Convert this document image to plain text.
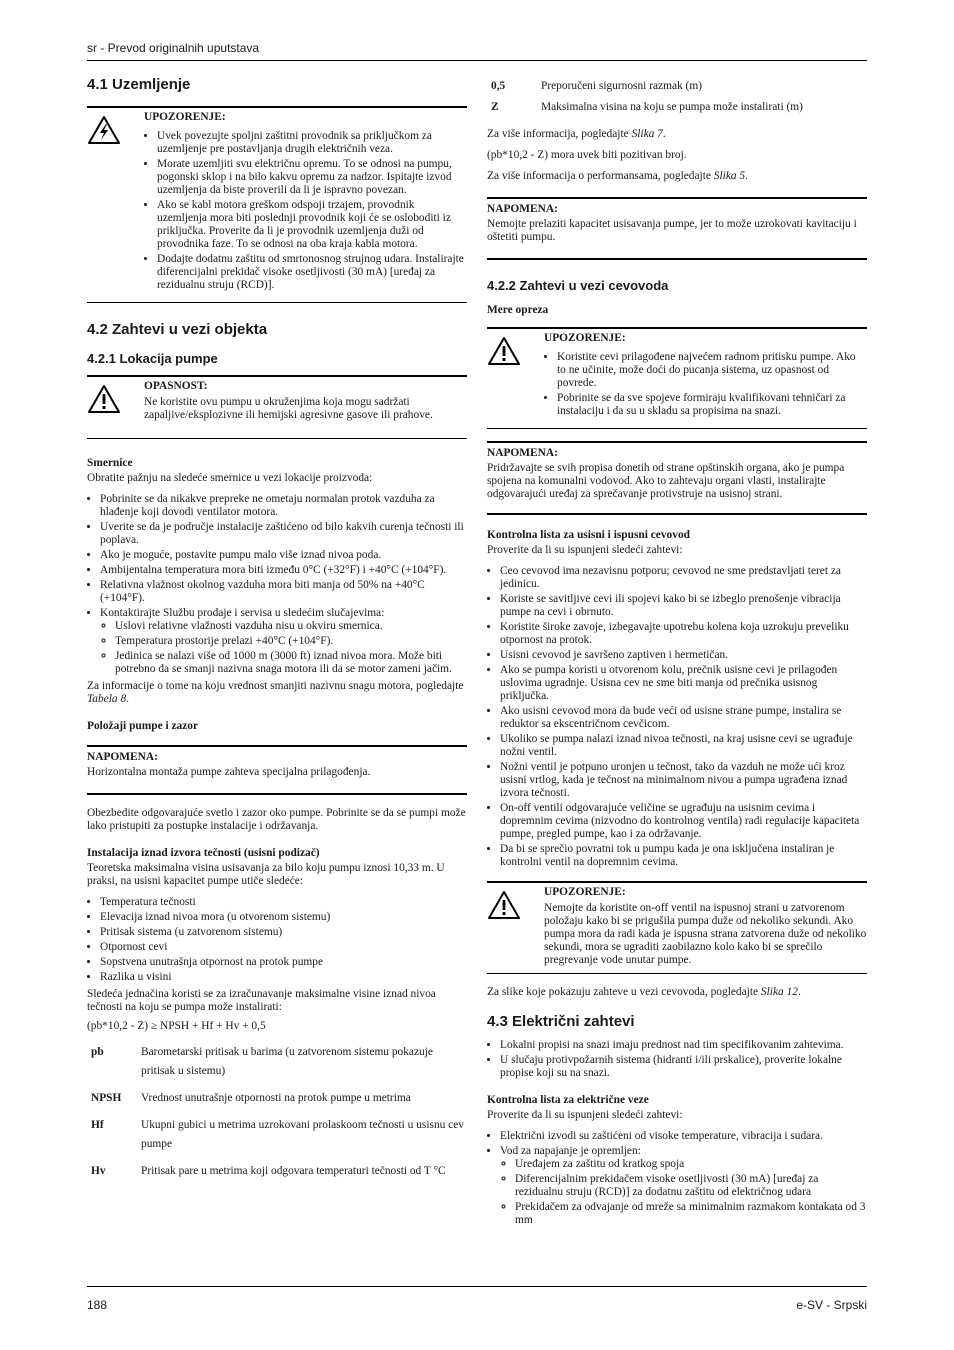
sr - Prevod originalnih uputstava
4.1 Uzemljenje
UPOZORENJE:
• Uvek povezujte spoljni zaštitni provodnik sa priključkom za uzemljenje pre postavljanja drugih električnih veza.
• Morate uzemljiti svu električnu opremu. To se odnosi na pumpu, pogonski sklop i na bilo kakvu opremu za nadzor. Ispitajte izvod uzemljenja da biste proverili da li je ispravno povezan.
• Ako se kabl motora greškom odspoji trzajem, provodnik uzemljenja mora biti poslednji provodnik koji će se osloboditi iz priključka. Proverite da li je provodnik uzemljenja duži od provodnika faze. To se odnosi na oba kraja kabla motora.
• Dodajte dodatnu zaštitu od smrtonosnog strujnog udara. Instalirajte diferencijalni prekidač visoke osetljivosti (30 mA) [uređaj za rezidualnu struju (RCD)].
4.2 Zahtevi u vezi objekta
4.2.1 Lokacija pumpe
OPASNOST:
Ne koristite ovu pumpu u okruženjima koja mogu sadržati zapaljive/eksplozivne ili hemijski agresivne gasove ili prahove.
Smernice

Obratite pažnju na sledeće smernice u vezi lokacije proizvoda:

• Pobrinite se da nikakve prepreke ne ometaju normalan protok vazduha za hlađenje koji dovodi ventilator motora.
• Uverite se da je područje instalacije zaštićeno od bilo kakvih curenja tečnosti ili poplava.
• Ako je moguće, postavite pumpu malo više iznad nivoa poda.
• Ambijentalna temperatura mora biti između 0°C (+32°F) i +40°C (+104°F).
• Relativna vlažnost okolnog vazduha mora biti manja od 50% na +40°C (+104°F).
• Kontaktirajte Službu prodaje i servisa u sledećim slučajevima:
◦ Uslovi relativne vlažnosti vazduha nisu u okviru smernica.
◦ Temperatura prostorije prelazi +40°C (+104°F).
◦ Jedinica se nalazi više od 1000 m (3000 ft) iznad nivoa mora. Može biti potrebno da se smanji nazivna snaga motora ili da se motor zameni jačim.

Za informacije o tome na koju vrednost smanjiti nazivnu snagu motora, pogledajte Tabela 8.

Položaji pumpe i zazor
NAPOMENA:
Horizontalna montaža pumpe zahteva specijalna prilagođenja.

Obezbedite odgovarajuće svetlo i zazor oko pumpe. Pobrinite se da se pumpi može lako pristupiti za postupke instalacije i održavanja.

Instalacija iznad izvora tečnosti (usisni podizač)

Teoretska maksimalna visina usisavanja za bilo koju pumpu iznosi 10,33 m. U praksi, na usisni kapacitet pumpe utiče sledeće:

• Temperatura tečnosti
• Elevacija iznad nivoa mora (u otvorenom sistemu)
• Pritisak sistema (u zatvorenom sistemu)
• Otpornost cevi
• Sopstvena unutrašnja otpornost na protok pumpe
• Razlika u visini

Sledeća jednačina koristi se za izračunavanje maksimalne visine iznad nivoa tečnosti na koju se pumpa može instalirati:

(pb*10,2 - Z) ≥ NPSH + Hf + Hv + 0,5

pb	Barometarski pritisak u barima (u zatvorenom sistemu pokazuje pritisak u sistemu)
NPSH	Vrednost unutrašnje otpornosti na protok pumpe u metrima
Hf	Ukupni gubici u metrima uzrokovani prolaskoom tečnosti u usisnu cev pumpe
Hv	Pritisak pare u metrima koji odgovara temperaturi tečnosti od T °C
0,5	Preporučeni sigurnosni razmak (m)
Z	Maksimalna visina na koju se pumpa može instalirati (m)

Za više informacija, pogledajte Slika 7.

(pb*10,2 - Z) mora uvek biti pozitivan broj.

Za više informacija o performansama, pogledajte Slika 5.

NAPOMENA:
Nemojte prelaziti kapacitet usisavanja pumpe, jer to može uzrokovati kavitaciju i oštetiti pumpu.
4.2.2 Zahtevi u vezi cevovoda
Mere opreza
UPOZORENJE:
• Koristite cevi prilagođene najvećem radnom pritisku pumpe. Ako to ne učinite, može doći do pucanja sistema, uz opasnost od povrede.
• Pobrinite se da sve spojeve formiraju kvalifikovani tehničari za instalaciju i da su u skladu sa propisima na snazi.
NAPOMENA:
Pridržavajte se svih propisa donetih od strane opštinskih organa, ako je pumpa spojena na komunalni vodovod. Ako to zahtevaju organi vlasti, instalirajte odgovarajući uređaj za sprečavanje protivstruje na usisnoj strani.
Kontrolna lista za usisni i ispusni cevovod

Proverite da li su ispunjeni sledeći zahtevi:

• Ceo cevovod ima nezavisnu potporu; cevovod ne sme predstavljati teret za jedinicu.
• Koriste se savitljive cevi ili spojevi kako bi se izbeglo prenošenje vibracija pumpe na cevi i obrnuto.
• Koristite široke zavoje, izbegavajte upotrebu kolena koja uzrokuju preveliku otpornost na protok.
• Usisni cevovod je savršeno zaptiven i hermetičan.
• Ako se pumpa koristi u otvorenom kolu, prečnik usisne cevi je prilagođen uslovima ugradnje. Usisna cev ne sme biti manja od prečnika usisnog priključka.
• Ako usisni cevovod mora da bude veći od usisne strane pumpe, instalira se reduktor sa ekscentričnom cevčicom.
• Ukoliko se pumpa nalazi iznad nivoa tečnosti, na kraj usisne cevi se ugrađuje nožni ventil.
• Nožni ventil je potpuno uronjen u tečnost, tako da vazduh ne može ući kroz usisni vrtlog, kada je tečnost na minimalnom nivou a pumpa ugrađena iznad izvora tečnosti.
• On-off ventili odgovarajuće veličine se ugrađuju na usisnim cevima i dopremnim cevima (nizvodno do kontrolnog ventila) radi regulacije kapaciteta pumpe, pregled pumpe, kao i za održavanje.
• Da bi se sprečio povratni tok u pumpu kada je ona isključena instaliran je kontrolni ventil na dopremnim cevima.
UPOZORENJE:
Nemojte da koristite on-off ventil na ispusnoj strani u zatvorenom položaju kako bi se prigušila pumpa duže od nekoliko sekundi. Ako pumpa mora da radi kada je ispusna strana zatvorena duže od nekoliko sekundi, mora se ugraditi zaobilazno kolo kako bi se sprečilo pregrevanje vode unutar pumpe.

Za slike koje pokazuju zahteve u vezi cevovoda, pogledajte Slika 12.

4.3 Električni zahtevi
• Lokalni propisi na snazi imaju prednost nad tim specifikovanim zahtevima.
• U slučaju protivpožarnih sistema (hidranti i/ili prskalice), proverite lokalne propise koji su na snazi.
Kontrolna lista za električne veze

Proverite da li su ispunjeni sledeći zahtevi:

• Električni izvodi su zaštićeni od visoke temperature, vibracija i sudara.
• Vod za napajanje je opremljen:
◦ Uređajem za zaštitu od kratkog spoja
◦ Diferencijalnim prekidačem visoke osetljivosti (30 mA) [uređaj za rezidualnu struju (RCD)] za dodatnu zaštitu od električnog udara
◦ Prekidačem za odvajanje od mreže sa minimalnim razmakom kontakata od 3 mm
188	e-SV - Srpski
